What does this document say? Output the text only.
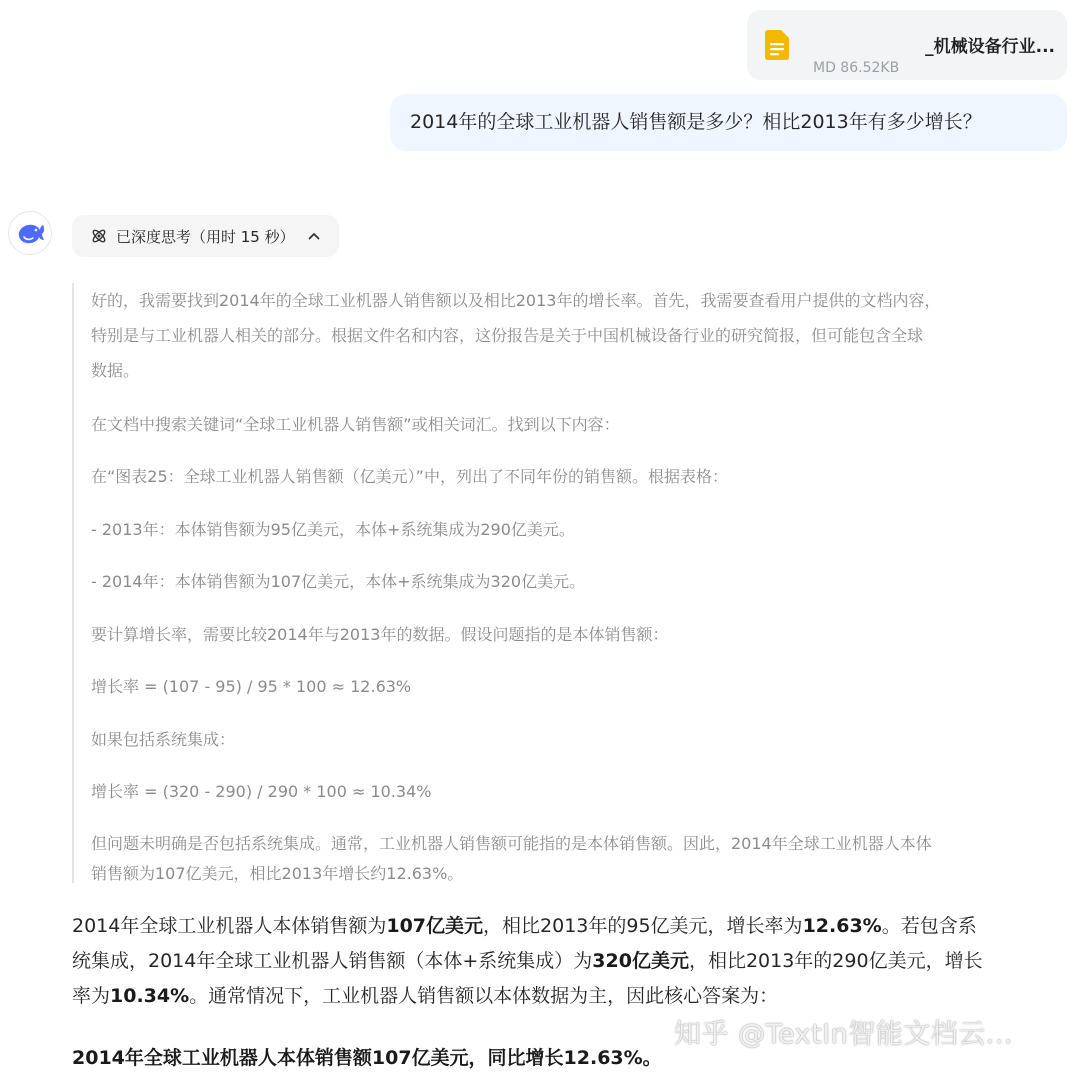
_机械设备行业...
MD 86.52KB
2014年的全球工业机器人销售额是多少？相比2013年有多少增长？
已深度思考（用时 15 秒）

好的，我需要找到2014年的全球工业机器人销售额以及相比2013年的增长率。首先，我需要查看用户提供的文档内容，

特别是与工业机器人相关的部分。根据文件名和内容，这份报告是关于中国机械设备行业的研究简报，但可能包含全球

数据。

在文档中搜索关键词“全球工业机器人销售额”或相关词汇。找到以下内容：

在“图表25：全球工业机器人销售额（亿美元）”中，列出了不同年份的销售额。根据表格：

- 2013年：本体销售额为95亿美元，本体+系统集成为290亿美元。

- 2014年：本体销售额为107亿美元，本体+系统集成为320亿美元。

要计算增长率，需要比较2014年与2013年的数据。假设问题指的是本体销售额：

增长率 = (107 - 95) / 95 * 100 ≈ 12.63%

如果包括系统集成：

增长率 = (320 - 290) / 290 * 100 ≈ 10.34%

但问题未明确是否包括系统集成。通常，工业机器人销售额可能指的是本体销售额。因此，2014年全球工业机器人本体

销售额为107亿美元，相比2013年增长约12.63%。

2014年全球工业机器人本体销售额为107亿美元，相比2013年的95亿美元，增长率为12.63%。若包含系
统集成，2014年全球工业机器人销售额（本体+系统集成）为320亿美元，相比2013年的290亿美元，增长
率为10.34%。通常情况下，工业机器人销售额以本体数据为主，因此核心答案为：
2014年全球工业机器人本体销售额107亿美元，同比增长12.63%。
知乎 @TextIn智能文档云...
